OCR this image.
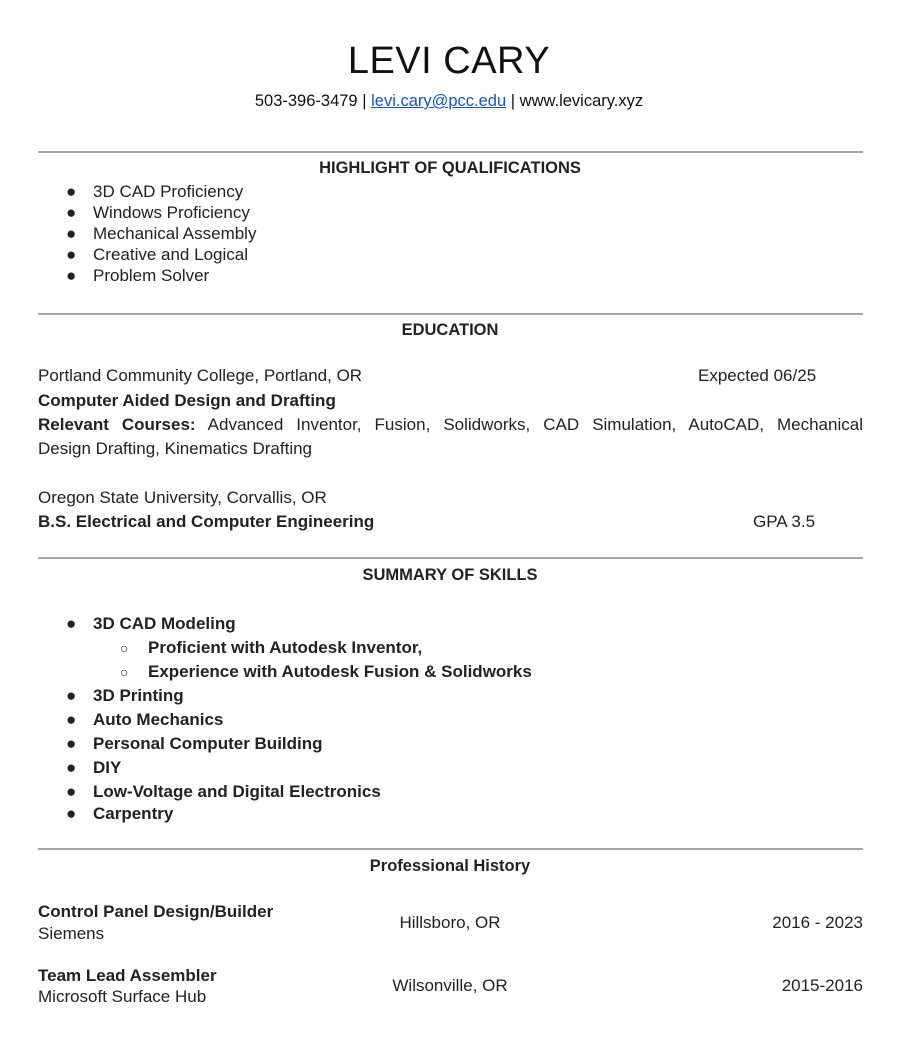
LEVI CARY
503-396-3479 | levi.cary@pcc.edu | www.levicary.xyz
HIGHLIGHT OF QUALIFICATIONS
● 3D CAD Proficiency
● Windows Proficiency
● Mechanical Assembly
● Creative and Logical
● Problem Solver
EDUCATION
Portland Community College, Portland, OR	Expected 06/25
Computer Aided Design and Drafting
Relevant Courses: Advanced Inventor, Fusion, Solidworks, CAD Simulation, AutoCAD, Mechanical
Design Drafting, Kinematics Drafting
Oregon State University, Corvallis, OR
B.S. Electrical and Computer Engineering	GPA 3.5
SUMMARY OF SKILLS
● 3D CAD Modeling
○ Proficient with Autodesk Inventor,
○ Experience with Autodesk Fusion & Solidworks
● 3D Printing
● Auto Mechanics
● Personal Computer Building
● DIY
● Low-Voltage and Digital Electronics
● Carpentry
Professional History
Control Panel Design/Builder
Siemens
Hillsboro, OR	2016 - 2023
Team Lead Assembler
Microsoft Surface Hub
Wilsonville, OR	2015-2016
